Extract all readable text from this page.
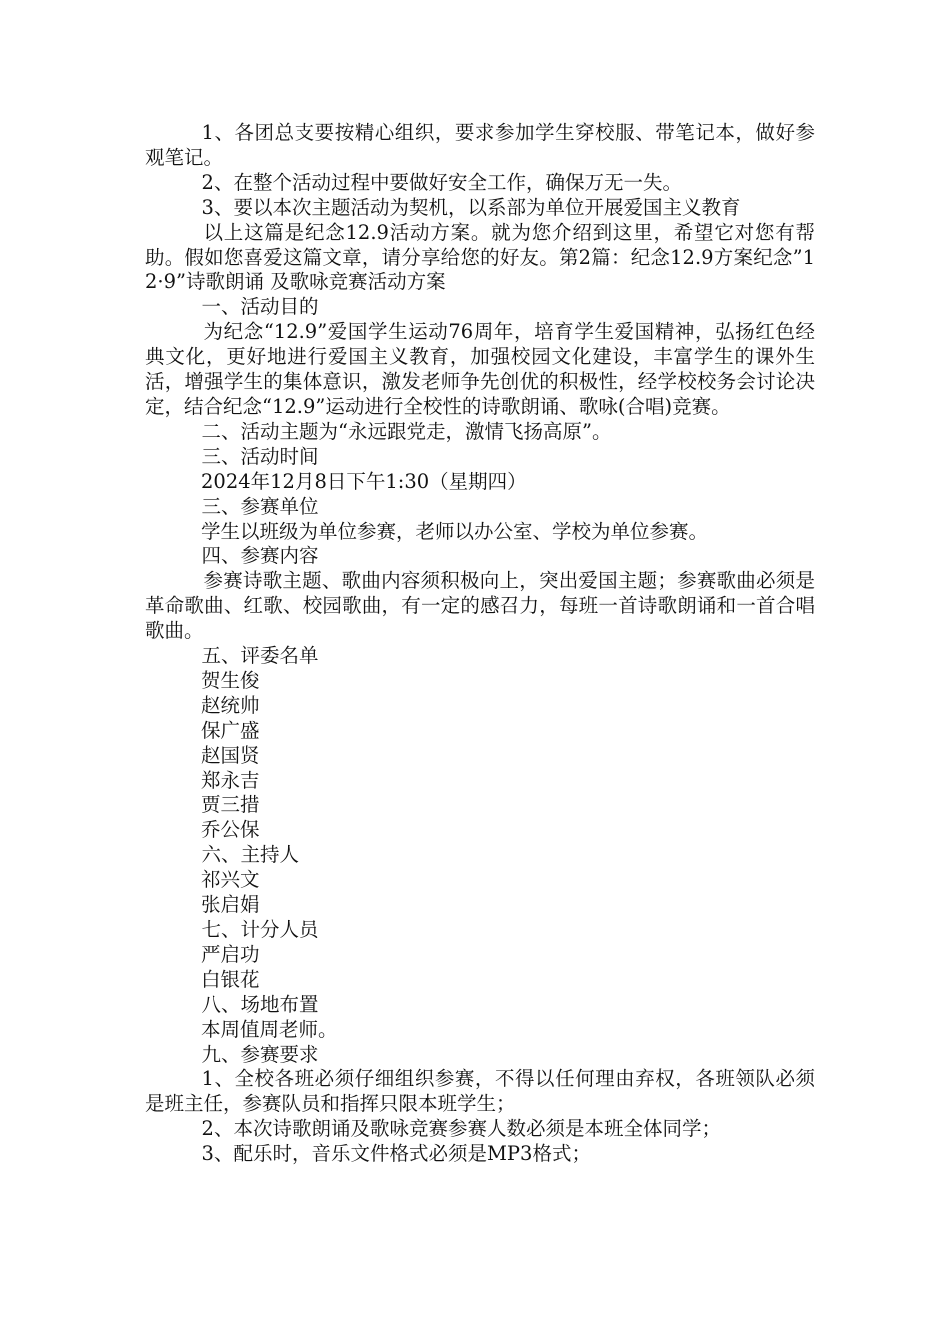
1、各团总支要按精心组织，要求参加学生穿校服、带笔记本，做好参观笔记。

2、在整个活动过程中要做好安全工作，确保万无一失。

3、要以本次主题活动为契机，以系部为单位开展爱国主义教育

以上这篇是纪念12.9活动方案。就为您介绍到这里，希望它对您有帮助。假如您喜爱这篇文章，请分享给您的好友。第2篇：纪念12.9方案纪念”12·9”诗歌朗诵 及歌咏竞赛活动方案

一、活动目的

为纪念“12.9”爱国学生运动76周年，培育学生爱国精神，弘扬红色经典文化，更好地进行爱国主义教育，加强校园文化建设，丰富学生的课外生活，增强学生的集体意识，激发老师争先创优的积极性，经学校校务会讨论决定，结合纪念“12.9”运动进行全校性的诗歌朗诵、歌咏(合唱)竞赛。

二、活动主题为“永远跟党走，激情飞扬高原”。

三、活动时间

2024年12月8日下午1:30（星期四）

三、参赛单位

学生以班级为单位参赛，老师以办公室、学校为单位参赛。

四、参赛内容

参赛诗歌主题、歌曲内容须积极向上，突出爱国主题；参赛歌曲必须是革命歌曲、红歌、校园歌曲，有一定的感召力，每班一首诗歌朗诵和一首合唱歌曲。

五、评委名单

贺生俊

赵统帅

保广盛

赵国贤

郑永吉

贾三措

乔公保

六、主持人

祁兴文

张启娟

七、计分人员

严启功

白银花

八、场地布置

本周值周老师。

九、参赛要求

1、全校各班必须仔细组织参赛，不得以任何理由弃权，各班领队必须是班主任，参赛队员和指挥只限本班学生；

2、本次诗歌朗诵及歌咏竞赛参赛人数必须是本班全体同学；

3、配乐时，音乐文件格式必须是MP3格式；
